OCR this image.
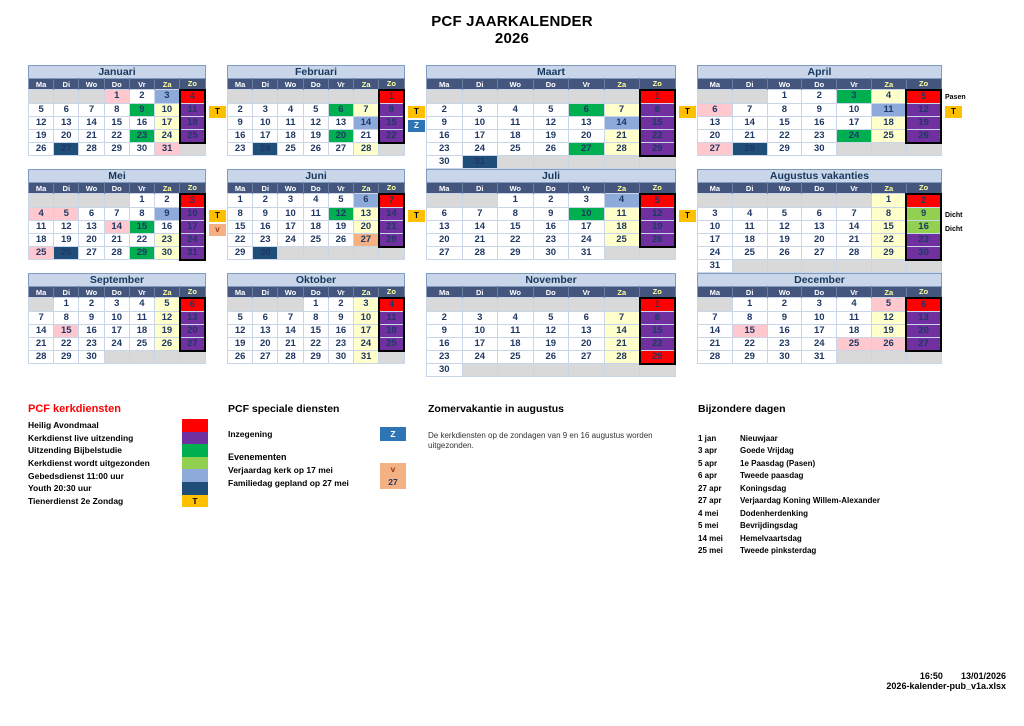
PCF JAARKALENDER
2026
Januari
Ma	Di	Wo	Do	Vr	Za	Zo
			1	2	3	4
5	6	7	8	9	10	11
12	13	14	15	16	17	18
19	20	21	22	23	24	25
26	27	28	29	30	31	
T
Februari
Ma	Di	Wo	Do	Vr	Za	Zo
						1
2	3	4	5	6	7	8
9	10	11	12	13	14	15
16	17	18	19	20	21	22
23	24	25	26	27	28	
T
Z
Maart
Ma	Di	Wo	Do	Vr	Za	Zo
						1
2	3	4	5	6	7	8
9	10	11	12	13	14	15
16	17	18	19	20	21	22
23	24	25	26	27	28	29
30	31					
T
April
Ma	Di	Wo	Do	Vr	Za	Zo
		1	2	3	4	5
6	7	8	9	10	11	12
13	14	15	16	17	18	19
20	21	22	23	24	25	26
27	28	29	30			
Pasen
T
Mei
Ma	Di	Wo	Do	Vr	Za	Zo
				1	2	3
4	5	6	7	8	9	10
11	12	13	14	15	16	17
18	19	20	21	22	23	24
25	26	27	28	29	30	31
T
v
Juni
Ma	Di	Wo	Do	Vr	Za	Zo
1	2	3	4	5	6	7
8	9	10	11	12	13	14
15	16	17	18	19	20	21
22	23	24	25	26	27	28
29	30					
T
Juli
Ma	Di	Wo	Do	Vr	Za	Zo
		1	2	3	4	5
6	7	8	9	10	11	12
13	14	15	16	17	18	19
20	21	22	23	24	25	26
27	28	29	30	31		
T
Augustus vakanties
Ma	Di	Wo	Do	Vr	Za	Zo
					1	2
3	4	5	6	7	8	9
10	11	12	13	14	15	16
17	18	19	20	21	22	23
24	25	26	27	28	29	30
31						
Dicht
Dicht
September
Ma	Di	Wo	Do	Vr	Za	Zo
	1	2	3	4	5	6
7	8	9	10	11	12	13
14	15	16	17	18	19	20
21	22	23	24	25	26	27
28	29	30				
Oktober
Ma	Di	Wo	Do	Vr	Za	Zo
			1	2	3	4
5	6	7	8	9	10	11
12	13	14	15	16	17	18
19	20	21	22	23	24	25
26	27	28	29	30	31	
November
Ma	Di	Wo	Do	Vr	Za	Zo
						1
2	3	4	5	6	7	8
9	10	11	12	13	14	15
16	17	18	19	20	21	22
23	24	25	26	27	28	29
30						
December
Ma	Di	Wo	Do	Vr	Za	Zo
	1	2	3	4	5	6
7	8	9	10	11	12	13
14	15	16	17	18	19	20
21	22	23	24	25	26	27
28	29	30	31			
PCF kerkdiensten
Heilig Avondmaal
Kerkdienst live uitzending
Uitzending Bijbelstudie
Kerkdienst wordt uitgezonden
Gebedsdienst 11:00 uur
Youth 20:30 uur
Tienerdienst 2e Zondag	T
PCF speciale diensten
Inzegening	Z
Evenementen
Verjaardag kerk op 17 mei	v
Familiedag gepland op 27 mei	27
Zomervakantie in augustus
De kerkdiensten op de zondagen van 9 en 16 augustus worden uitgezonden.
Bijzondere dagen
1 jan	Nieuwjaar
3 apr	Goede Vrijdag
5 apr	1e Paasdag (Pasen)
6 apr	Tweede paasdag
27 apr	Koningsdag
27 apr	Verjaardag Koning Willem-Alexander
4 mei	Dodenherdenking
5 mei	Bevrijdingsdag
14 mei	Hemelvaartsdag
25 mei	Tweede pinksterdag
16:50 13/01/2026
2026-kalender-pub_v1a.xlsx
